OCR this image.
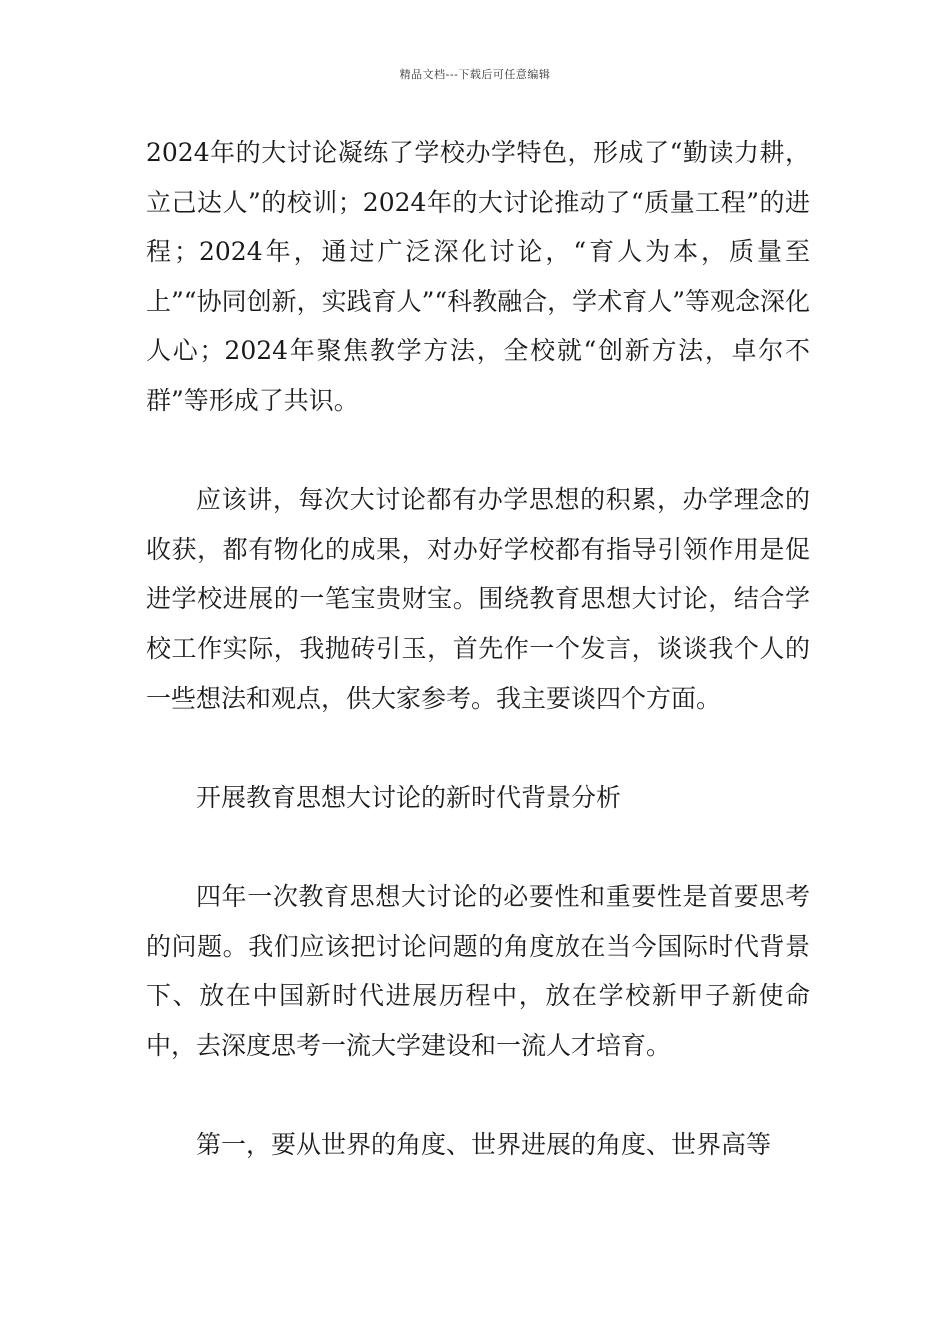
精品文档---下载后可任意编辑

2024年的大讨论凝练了学校办学特色，形成了“勤读力耕，立己达人”的校训；2024年的大讨论推动了“质量工程”的进程；2024年，通过广泛深化讨论，“育人为本，质量至上”“协同创新，实践育人”“科教融合，学术育人”等观念深化人心；2024年聚焦教学方法，全校就“创新方法，卓尔不群”等形成了共识。

应该讲，每次大讨论都有办学思想的积累，办学理念的收获，都有物化的成果，对办好学校都有指导引领作用是促进学校进展的一笔宝贵财宝。围绕教育思想大讨论，结合学校工作实际，我抛砖引玉，首先作一个发言，谈谈我个人的一些想法和观点，供大家参考。我主要谈四个方面。

开展教育思想大讨论的新时代背景分析

四年一次教育思想大讨论的必要性和重要性是首要思考的问题。我们应该把讨论问题的角度放在当今国际时代背景下、放在中国新时代进展历程中，放在学校新甲子新使命中，去深度思考一流大学建设和一流人才培育。

第一，要从世界的角度、世界进展的角度、世界高等
